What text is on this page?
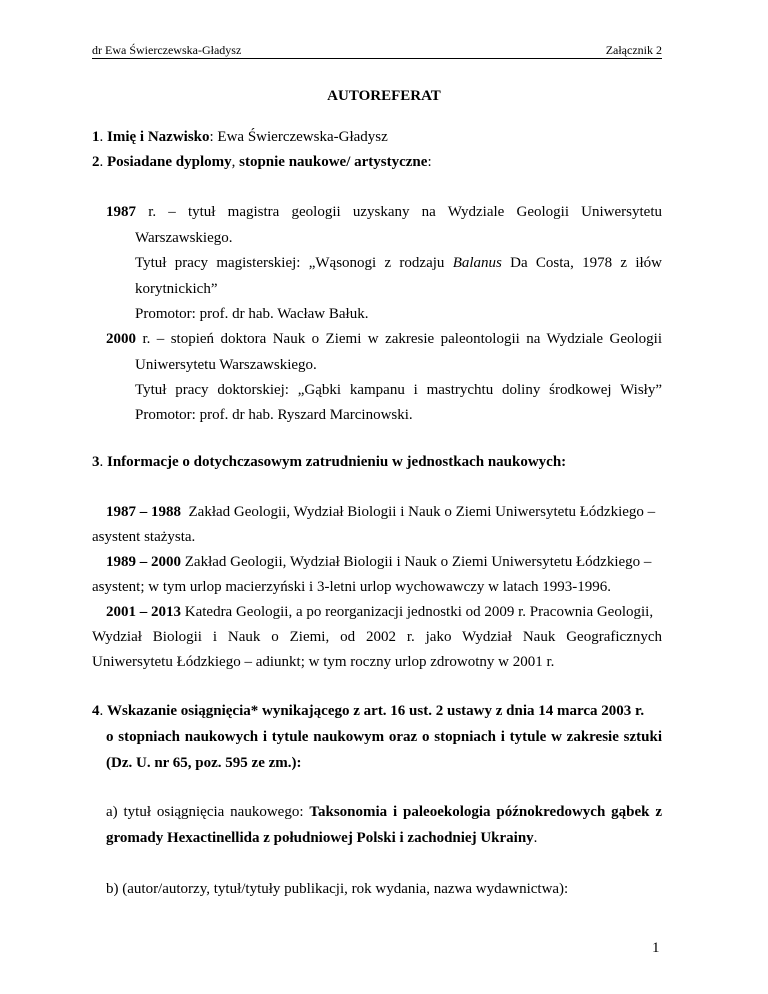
dr Ewa Świerczewska-Gładysz	Załącznik 2
AUTOREFERAT
1. Imię i Nazwisko: Ewa Świerczewska-Gładysz
2. Posiadane dyplomy, stopnie naukowe/ artystyczne:
1987 r. – tytuł magistra geologii uzyskany na Wydziale Geologii Uniwersytetu
Warszawskiego.
Tytuł pracy magisterskiej: „Wąsonogi z rodzaju Balanus Da Costa, 1978 z iłów
korytnickich”
Promotor: prof. dr hab. Wacław Bałuk.
2000 r. – stopień doktora Nauk o Ziemi w zakresie paleontologii na Wydziale Geologii
Uniwersytetu Warszawskiego.
Tytuł pracy doktorskiej: „Gąbki kampanu i mastrychtu doliny środkowej Wisły”
Promotor: prof. dr hab. Ryszard Marcinowski.
3. Informacje o dotychczasowym zatrudnieniu w jednostkach naukowych:
1987 – 1988 Zakład Geologii, Wydział Biologii i Nauk o Ziemi Uniwersytetu Łódzkiego –
asystent stażysta.
1989 – 2000 Zakład Geologii, Wydział Biologii i Nauk o Ziemi Uniwersytetu Łódzkiego –
asystent; w tym urlop macierzyński i 3-letni urlop wychowawczy w latach 1993-1996.
2001 – 2013 Katedra Geologii, a po reorganizacji jednostki od 2009 r. Pracownia Geologii,
Wydział Biologii i Nauk o Ziemi, od 2002 r. jako Wydział Nauk Geograficznych
Uniwersytetu Łódzkiego – adiunkt; w tym roczny urlop zdrowotny w 2001 r.
4. Wskazanie osiągnięcia* wynikającego z art. 16 ust. 2 ustawy z dnia 14 marca 2003 r.
o stopniach naukowych i tytule naukowym oraz o stopniach i tytule w zakresie sztuki
(Dz. U. nr 65, poz. 595 ze zm.):
a) tytuł osiągnięcia naukowego: Taksonomia i paleoekologia późnokredowych gąbek z
gromady Hexactinellida z południowej Polski i zachodniej Ukrainy.
b) (autor/autorzy, tytuł/tytuły publikacji, rok wydania, nazwa wydawnictwa):
1
